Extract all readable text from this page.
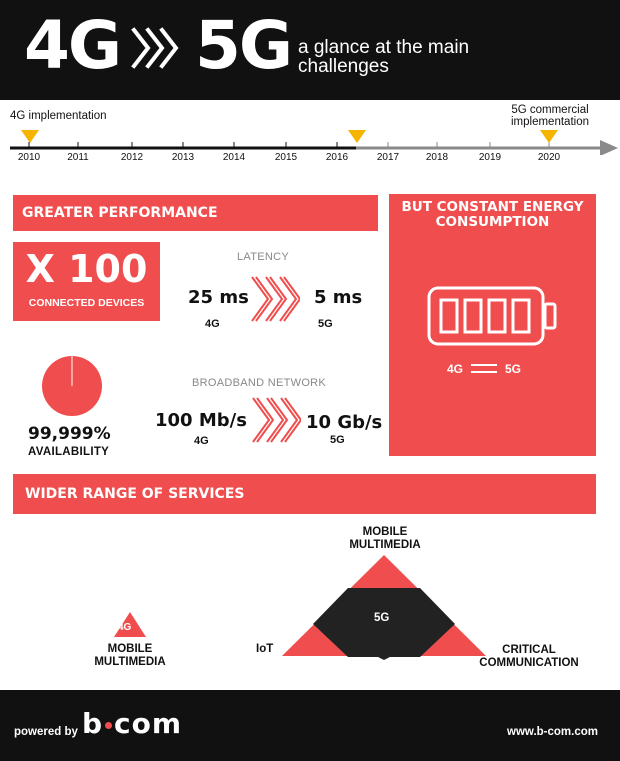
4G 5G a glance at the main challenges
4G implementation	5G commercial implementation
2010	2011	2012	2013	2014	2015	2016	2017	2018	2019	2020
GREATER PERFORMANCE
X 100
CONNECTED DEVICES
LATENCY
25 ms
4G
5 ms
5G
BROADBAND NETWORK
100 Mb/s
4G
10 Gb/s
5G
99,999%
AVAILABILITY
BUT CONSTANT ENERGY CONSUMPTION
4G	5G
WIDER RANGE OF SERVICES
MOBILE MULTIMEDIA
5G
IoT	CRITICAL COMMUNICATION
4G
MOBILE MULTIMEDIA
powered by b com	www.b-com.com
